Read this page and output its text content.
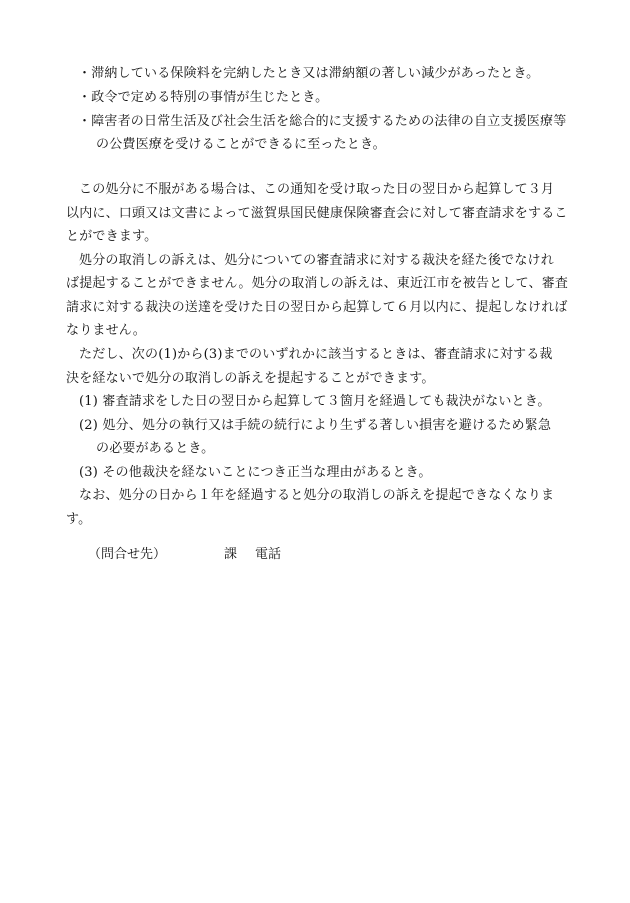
・滞納している保険料を完納したとき又は滞納額の著しい減少があったとき。
・政令で定める特別の事情が生じたとき。
・障害者の日常生活及び社会生活を総合的に支援するための法律の自立支援医療等
の公費医療を受けることができるに至ったとき。
この処分に不服がある場合は、この通知を受け取った日の翌日から起算して３月
以内に、口頭又は文書によって滋賀県国民健康保険審査会に対して審査請求をするこ
とができます。
処分の取消しの訴えは、処分についての審査請求に対する裁決を経た後でなけれ
ば提起することができません。処分の取消しの訴えは、東近江市を被告として、審査
請求に対する裁決の送達を受けた日の翌日から起算して６月以内に、提起しなければ
なりません。
ただし、次の(1)から(3)までのいずれかに該当するときは、審査請求に対する裁
決を経ないで処分の取消しの訴えを提起することができます。
(1) 審査請求をした日の翌日から起算して３箇月を経過しても裁決がないとき。
(2) 処分、処分の執行又は手続の続行により生ずる著しい損害を避けるため緊急
の必要があるとき。
(3) その他裁決を経ないことにつき正当な理由があるとき。
なお、処分の日から１年を経過すると処分の取消しの訴えを提起できなくなりま
す。
（問合せ先）	課 電話
